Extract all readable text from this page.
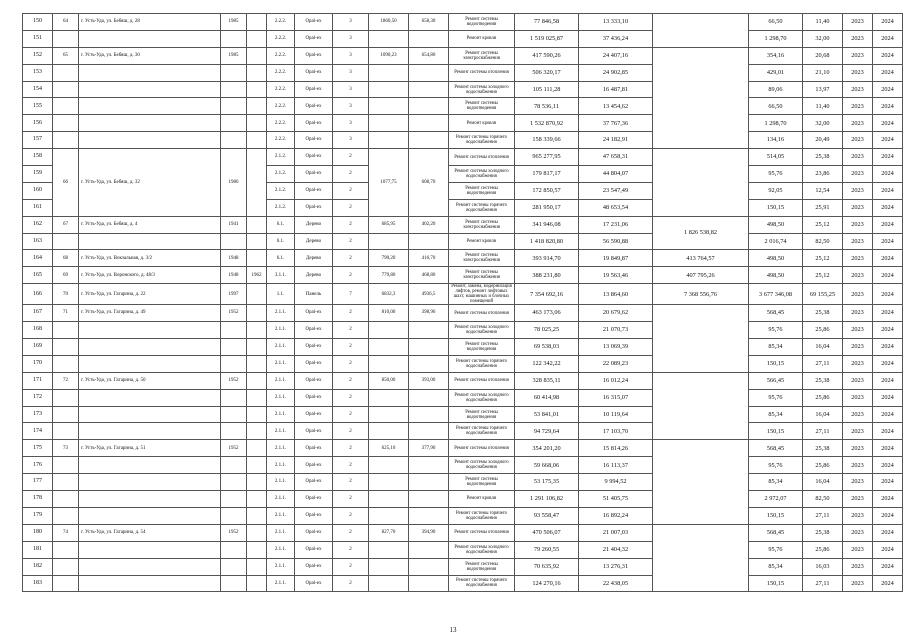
150	64	г. Усть-Уда, ул. Бебяш, д. 28	1985		2.2.2.	Opal-ex	3	1860,50	658,30	Ремонт системы водоотведения	77 846,58	13 333,10		66,50	11,40	2023	2024
151					2.2.2.	Opal-ex	3			Ремонт кровли	1 519 025,87	37 436,24		1 298,70	32,00	2023	2024
152	65	г. Усть-Уда, ул. Бебяш, д. 30	1985		2.2.2.	Opal-ex	3	1090,23	654,80	Ремонт системы электроснабжения	417 590,26	24 407,16		354,16	20,68	2023	2024
153					2.2.2.	Opal-ex	3			Ремонт системы отопления	506 320,17	24 902,85		429,01	21,10	2023	2024
154					2.2.2.	Opal-ex	3			Ремонт системы холодного водоснабжения	105 111,28	16 487,81		89,06	13,97	2023	2024
155					2.2.2.	Opal-ex	3			Ремонт системы водоотведения	78 536,11	13 454,62		66,50	11,40	2023	2024
156					2.2.2.	Opal-ex	3			Ремонт кровли	1 532 870,92	37 767,36		1 298,70	32,00	2023	2024
157					2.2.2.	Opal-ex	3			Ремонт системы горячего водоснабжения	158 339,66	24 182,91		134,16	20,49	2023	2024
158	66	г. Усть-Уда, ул. Бебяш, д. 32	1986		2.1.2.	Opal-ex	2	1077,75	608,70	Ремонт системы отопления	965 277,95	47 658,31		514,05	25,38	2023	2024
159					2.1.2.	Opal-ex	2			Ремонт системы холодного водоснабжения	179 817,17	44 804,07		95,76	23,86	2023	2024
160					2.1.2.	Opal-ex	2			Ремонт системы водоотведения	172 850,57	23 547,49		92,05	12,54	2023	2024
161					2.1.2.	Opal-ex	2			Ремонт системы горячего водоснабжения	281 950,17	48 653,54		150,15	25,91	2023	2024
162	67	г. Усть-Уда, ул. Бебяш, д. 4	1941		6.1.	Дерево	2	685,95	402,20	Ремонт системы электроснабжения	341 946,08	17 231,06	1 826 538,82	498,50	25,12	2023	2024
163					6.1.	Дерево	2			Ремонт кровли	1 418 820,80	56 590,88		2 016,74	82,50	2023	2024
164	68	г. Усть-Уда, ул. Вокзальная, д. 3/2	1948		6.1.	Дерево	2	790,20	416,70	Ремонт системы электроснабжения	393 914,70	19 849,87	413 764,57	498,50	25,12	2023	2024
165	69	г. Усть-Уда, ул. Воронского, д. 48/3	1948	1962	3.1.1.	Дерево	2	779,80	468,80	Ремонт системы электроснабжения	388 231,80	19 563,46	407 795,26	498,50	25,12	2023	2024
166	70	г. Усть-Уда, ул. Гагарина, д. 22	1997		1.1.	Панель	7	6832,3	4936,5	Ремонт, замена, модернизация лифтов, ремонт лифтовых шахт, машинных и блочных помещений	7 354 692,16	13 864,60	7 368 556,76	3 677 346,08	69 155,25	2023	2024
167	71	г. Усть-Уда, ул. Гагарина, д. 49	1952		2.1.1.	Opal-ex	2	810,00	398,96	Ремонт системы отопления	463 173,06	20 679,62		568,45	25,38	2023	2024
168					2.1.1.	Opal-ex	2			Ремонт системы холодного водоснабжения	78 025,25	21 070,73		95,76	25,86	2023	2024
169					2.1.1.	Opal-ex	2			Ремонт системы водоотведения	69 538,03	13 069,39		85,34	16,04	2023	2024
170					2.1.1.	Opal-ex	2			Ремонт системы горячего водоснабжения	122 342,22	22 089,23		150,15	27,11	2023	2024
171	72	г. Усть-Уда, ул. Гагарина, д. 50	1952		2.1.1.	Opal-ex	2	850,00	393,00	Ремонт системы отопления	328 835,11	16 012,24		566,45	25,38	2023	2024
172					2.1.1.	Opal-ex	2			Ремонт системы холодного водоснабжения	60 414,98	16 315,07		95,76	25,86	2023	2024
173					2.1.1.	Opal-ex	2			Ремонт системы водоотведения	53 841,01	10 119,64		85,34	16,04	2023	2024
174					2.1.1.	Opal-ex	2			Ремонт системы горячего водоснабжения	94 729,64	17 103,70		150,15	27,11	2023	2024
175	73	г. Усть-Уда, ул. Гагарина, д. 51	1952		2.1.1.	Opal-ex	2	625,10	377,90	Ремонт системы отопления	354 201,20	15 814,26		568,45	25,38	2023	2024
176					2.1.1.	Opal-ex	2			Ремонт системы холодного водоснабжения	59 668,06	16 113,37		95,76	25,86	2023	2024
177					2.1.1.	Opal-ex	2			Ремонт системы водоотведения	53 175,35	9 994,52		85,34	16,04	2023	2024
178					2.1.1.	Opal-ex	2			Ремонт кровли	1 291 106,82	51 405,75		2 972,07	82,50	2023	2024
179					2.1.1.	Opal-ex	2			Ремонт системы горячего водоснабжения	93 558,47	16 892,24		150,15	27,11	2023	2024
180	74	г. Усть-Уда, ул. Гагарина, д. 54	1952		2.1.1.	Opal-ex	2	827,70	394,90	Ремонт системы отопления	470 506,07	21 007,03		568,45	25,38	2023	2024
181					2.1.1.	Opal-ex	2			Ремонт системы холодного водоснабжения	79 260,55	21 404,32		95,76	25,86	2023	2024
182					2.1.1.	Opal-ex	2			Ремонт системы водоотведения	70 635,92	13 276,31		85,34	16,03	2023	2024
183					2.1.1.	Opal-ex	2			Ремонт системы горячего водоснабжения	124 270,16	22 438,05		150,15	27,11	2023	2024
13
